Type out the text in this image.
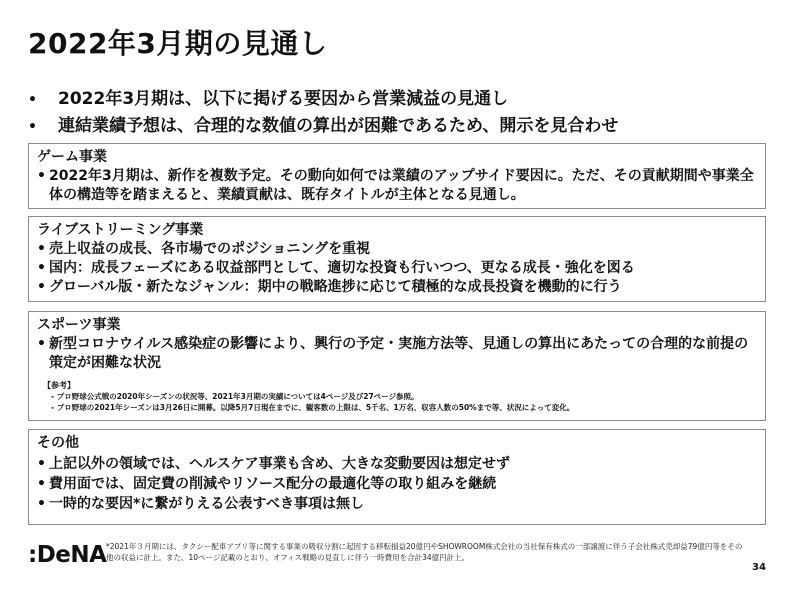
2022年3月期の見通し
•	2022年3月期は、以下に掲げる要因から営業減益の見通し
•	連結業績予想は、合理的な数値の算出が困難であるため、開示を見合わせ
ゲーム事業
• 2022年3月期は、新作を複数予定。その動向如何では業績のアップサイド要因に。ただ、その貢献期間や事業全体の構造等を踏まえると、業績貢献は、既存タイトルが主体となる見通し。
ライブストリーミング事業
• 売上収益の成長、各市場でのポジショニングを重視
• 国内：成長フェーズにある収益部門として、適切な投資も行いつつ、更なる成長・強化を図る
• グローバル版・新たなジャンル：期中の戦略進捗に応じて積極的な成長投資を機動的に行う
スポーツ事業
• 新型コロナウイルス感染症の影響により、興行の予定・実施方法等、見通しの算出にあたっての合理的な前提の策定が困難な状況
【参考】
- プロ野球公式戦の2020年シーズンの状況等、2021年3月期の実績については4ページ及び27ページ参照。
- プロ野球の2021年シーズンは3月26日に開幕。以降5月7日現在までに、観客数の上限は、5千名、1万名、収容人数の50%まで等、状況によって変化。
その他
• 上記以外の領域では、ヘルスケア事業も含め、大きな変動要因は想定せず
• 費用面では、固定費の削減やリソース配分の最適化等の取り組みを継続
• 一時的な要因*に繋がりえる公表すべき事項は無し
:DeNA *2021年３月期には、タクシー配車アプリ等に関する事業の吸収分割に起因する移転損益20億円やSHOWROOM株式会社の当社保有株式の一部譲渡に伴う子会社株式売却益79億円等をその他の収益に計上。また、10ページ記載のとおり、オフィス戦略の見直しに伴う一時費用を合計34億円計上。
34
